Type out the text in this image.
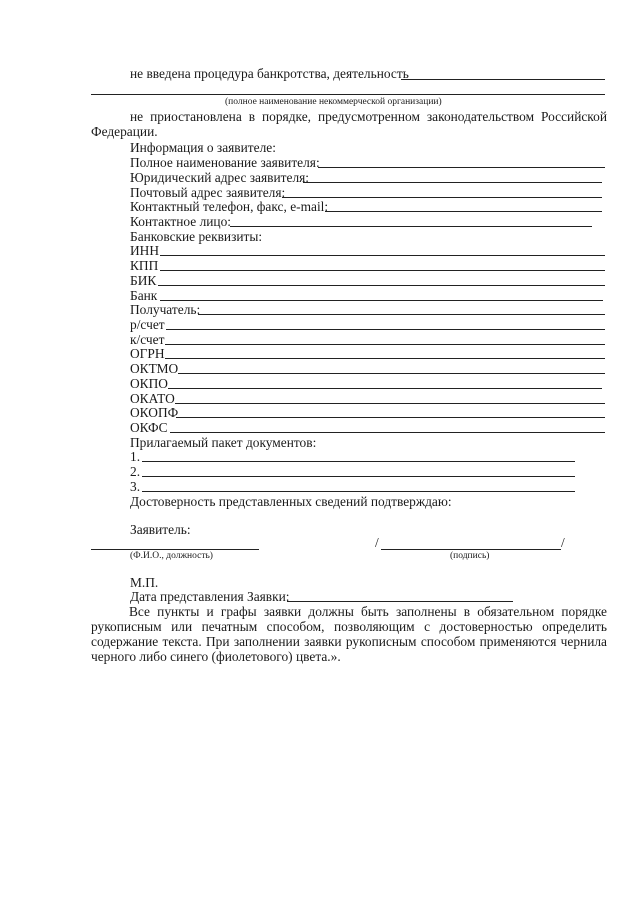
не введена процедура банкротства, деятельность
(полное наименование некоммерческой организации)
не приостановлена в порядке, предусмотренном законодательством Российской
Федерации.
Информация о заявителе:
Полное наименование заявителя:
Юридический адрес заявителя:
Почтовый адрес заявителя:
Контактный телефон, факс, e-mail:
Контактное лицо:
Банковские реквизиты:
ИНН
КПП
БИК
Банк
Получатель:
р/счет
к/счет
ОГРН
ОКТМО
ОКПО
ОКАТО
ОКОПФ
ОКФС
Прилагаемый пакет документов:
1.
2.
3.
Достоверность представленных сведений подтверждаю:
Заявитель:
/	/
(Ф.И.О., должность)	(подпись)
М.П.
Дата представления Заявки:
Все пункты и графы заявки должны быть заполнены в обязательном порядке рукописным или печатным способом, позволяющим с достоверностью определить содержание текста. При заполнении заявки рукописным способом применяются чернила черного либо синего (фиолетового) цвета.».
